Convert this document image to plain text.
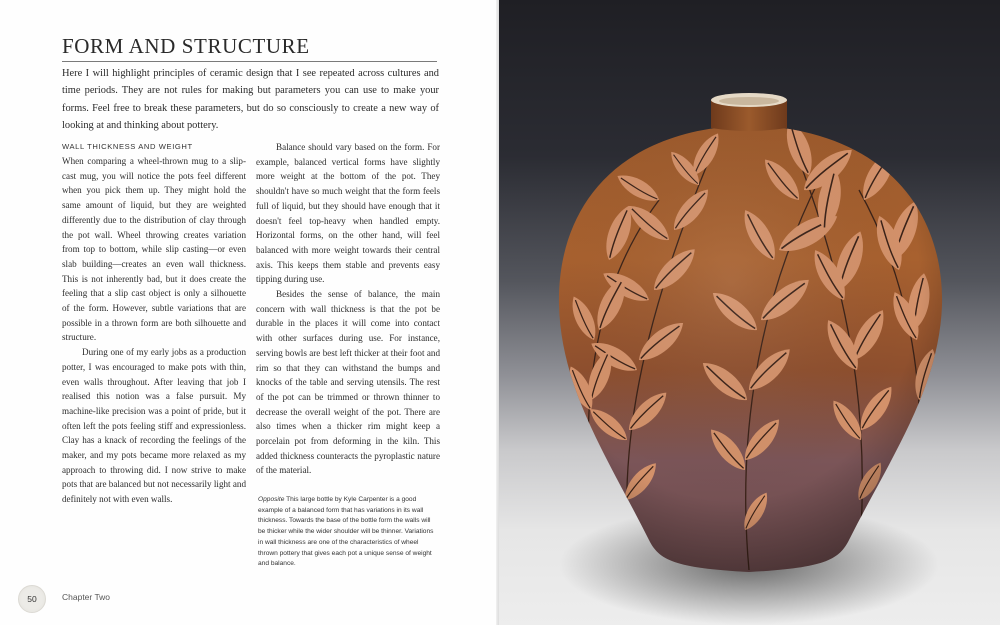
FORM AND STRUCTURE

Here I will highlight principles of ceramic design that I see repeated across cultures and time periods. They are not rules for making but parameters you can use to make your forms. Feel free to break these parameters, but do so consciously to create a new way of looking at and thinking about pottery.

WALL THICKNESS AND WEIGHT

When comparing a wheel-thrown mug to a slip-cast mug, you will notice the pots feel different when you pick them up. They might hold the same amount of liquid, but they are weighted differently due to the distribution of clay through the pot wall. Wheel throwing creates variation from top to bottom, while slip casting—or even slab building—creates an even wall thickness. This is not inherently bad, but it does create the feeling that a slip cast object is only a silhouette of the form. However, subtle variations that are possible in a thrown form are both silhouette and structure.

During one of my early jobs as a production potter, I was encouraged to make pots with thin, even walls throughout. After leaving that job I realised this notion was a false pursuit. My machine-like precision was a point of pride, but it often left the pots feeling stiff and expressionless. Clay has a knack of recording the feelings of the maker, and my pots became more relaxed as my approach to throwing did. I now strive to make pots that are balanced but not necessarily light and definitely not with even walls.

Balance should vary based on the form. For example, balanced vertical forms have slightly more weight at the bottom of the pot. They shouldn't have so much weight that the form feels full of liquid, but they should have enough that it doesn't feel top-heavy when handled empty. Horizontal forms, on the other hand, will feel balanced with more weight towards their central axis. This keeps them stable and prevents easy tipping during use.

Besides the sense of balance, the main concern with wall thickness is that the pot be durable in the places it will come into contact with other surfaces during use. For instance, serving bowls are best left thicker at their foot and rim so that they can withstand the bumps and knocks of the table and serving utensils. The rest of the pot can be trimmed or thrown thinner to decrease the overall weight of the pot. There are also times when a thicker rim might keep a porcelain pot from deforming in the kiln. This added thickness counteracts the pyroplastic nature of the material.

Opposite This large bottle by Kyle Carpenter is a good example of a balanced form that has variations in its wall thickness. Towards the base of the bottle form the walls will be thicker while the wider shoulder will be thinner. Variations in wall thickness are one of the characteristics of wheel thrown pottery that gives each pot a unique sense of weight and balance.

50	Chapter Two
